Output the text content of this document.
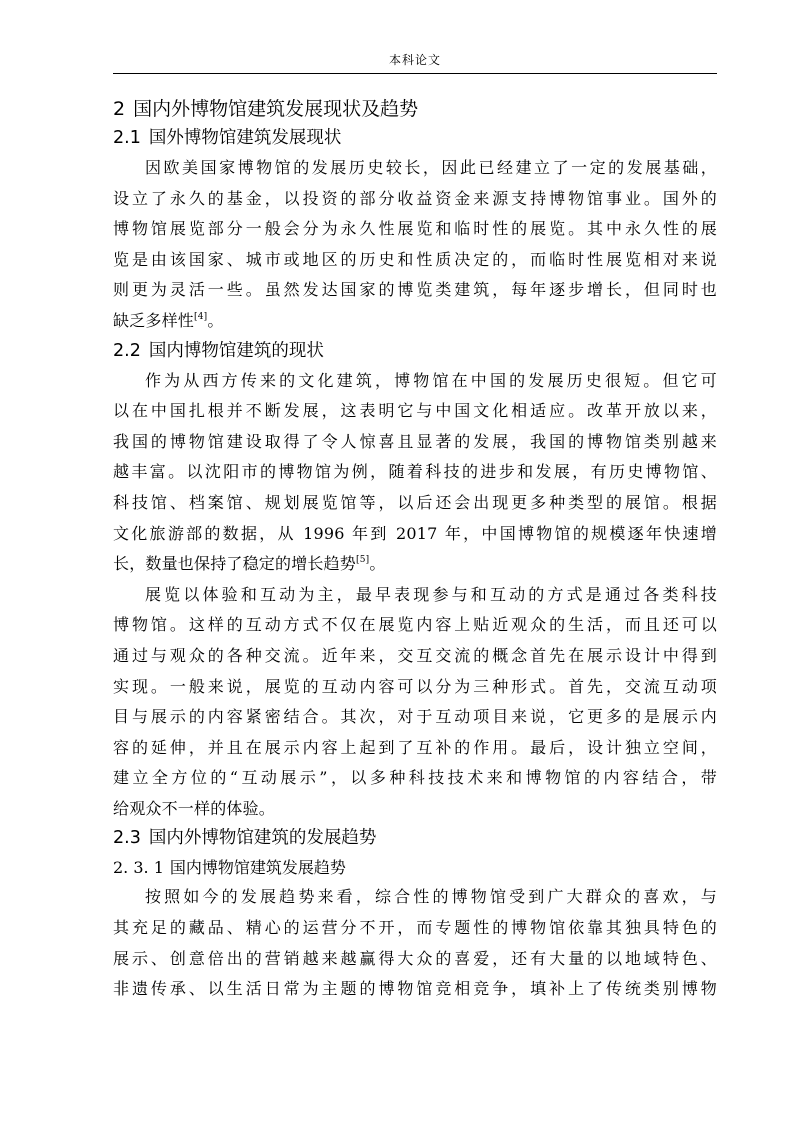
本科论文
2 国内外博物馆建筑发展现状及趋势
2.1 国外博物馆建筑发展现状
因欧美国家博物馆的发展历史较长，因此已经建立了一定的发展基础，
设立了永久的基金，以投资的部分收益资金来源支持博物馆事业。国外的
博物馆展览部分一般会分为永久性展览和临时性的展览。其中永久性的展
览是由该国家、城市或地区的历史和性质决定的，而临时性展览相对来说
则更为灵活一些。虽然发达国家的博览类建筑，每年逐步增长，但同时也
缺乏多样性[4]。
2.2 国内博物馆建筑的现状
作为从西方传来的文化建筑，博物馆在中国的发展历史很短。但它可
以在中国扎根并不断发展，这表明它与中国文化相适应。改革开放以来，
我国的博物馆建设取得了令人惊喜且显著的发展，我国的博物馆类别越来
越丰富。以沈阳市的博物馆为例，随着科技的进步和发展，有历史博物馆、
科技馆、档案馆、规划展览馆等，以后还会出现更多种类型的展馆。根据
文化旅游部的数据，从 1996 年到 2017 年，中国博物馆的规模逐年快速增
长，数量也保持了稳定的增长趋势[5]。
展览以体验和互动为主，最早表现参与和互动的方式是通过各类科技
博物馆。这样的互动方式不仅在展览内容上贴近观众的生活，而且还可以
通过与观众的各种交流。近年来，交互交流的概念首先在展示设计中得到
实现。一般来说，展览的互动内容可以分为三种形式。首先，交流互动项
目与展示的内容紧密结合。其次，对于互动项目来说，它更多的是展示内
容的延伸，并且在展示内容上起到了互补的作用。最后，设计独立空间，
建立全方位的“互动展示”，以多种科技技术来和博物馆的内容结合，带
给观众不一样的体验。
2.3 国内外博物馆建筑的发展趋势
2. 3. 1 国内博物馆建筑发展趋势
按照如今的发展趋势来看，综合性的博物馆受到广大群众的喜欢，与
其充足的藏品、精心的运营分不开，而专题性的博物馆依靠其独具特色的
展示、创意倍出的营销越来越赢得大众的喜爱，还有大量的以地域特色、
非遗传承、以生活日常为主题的博物馆竞相竞争，填补上了传统类别博物
